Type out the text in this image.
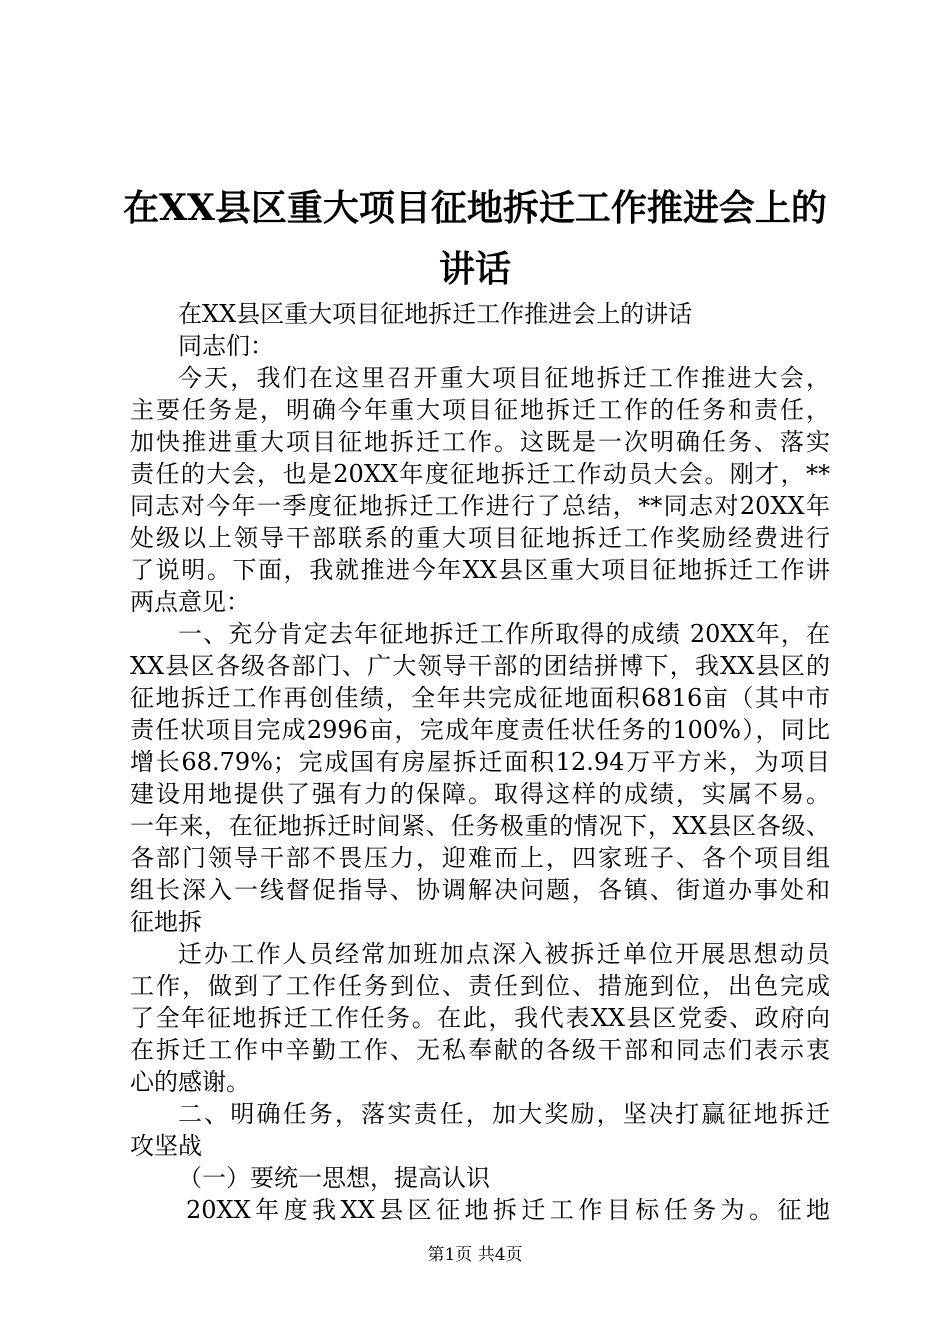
在XX县区重大项目征地拆迁工作推进会上的
讲话
在XX县区重大项目征地拆迁工作推进会上的讲话
同志们：
今天，我们在这里召开重大项目征地拆迁工作推进大会，
主要任务是，明确今年重大项目征地拆迁工作的任务和责任，
加快推进重大项目征地拆迁工作。这既是一次明确任务、落实
责任的大会，也是20XX年度征地拆迁工作动员大会。刚才，**
同志对今年一季度征地拆迁工作进行了总结，**同志对20XX年
处级以上领导干部联系的重大项目征地拆迁工作奖励经费进行
了说明。下面，我就推进今年XX县区重大项目征地拆迁工作讲
两点意见：
一、充分肯定去年征地拆迁工作所取得的成绩 20XX年，在
XX县区各级各部门、广大领导干部的团结拼博下，我XX县区的
征地拆迁工作再创佳绩，全年共完成征地面积6816亩（其中市
责任状项目完成2996亩，完成年度责任状任务的100%），同比
增长68.79%；完成国有房屋拆迁面积12.94万平方米，为项目
建设用地提供了强有力的保障。取得这样的成绩，实属不易。
一年来，在征地拆迁时间紧、任务极重的情况下，XX县区各级、
各部门领导干部不畏压力，迎难而上，四家班子、各个项目组
组长深入一线督促指导、协调解决问题，各镇、街道办事处和
征地拆
迁办工作人员经常加班加点深入被拆迁单位开展思想动员
工作，做到了工作任务到位、责任到位、措施到位，出色完成
了全年征地拆迁工作任务。在此，我代表XX县区党委、政府向
在拆迁工作中辛勤工作、无私奉献的各级干部和同志们表示衷
心的感谢。
二、明确任务，落实责任，加大奖励，坚决打赢征地拆迁
攻坚战
（一）要统一思想，提高认识
20XX年度我XX县区征地拆迁工作目标任务为。征地
第1页 共4页
